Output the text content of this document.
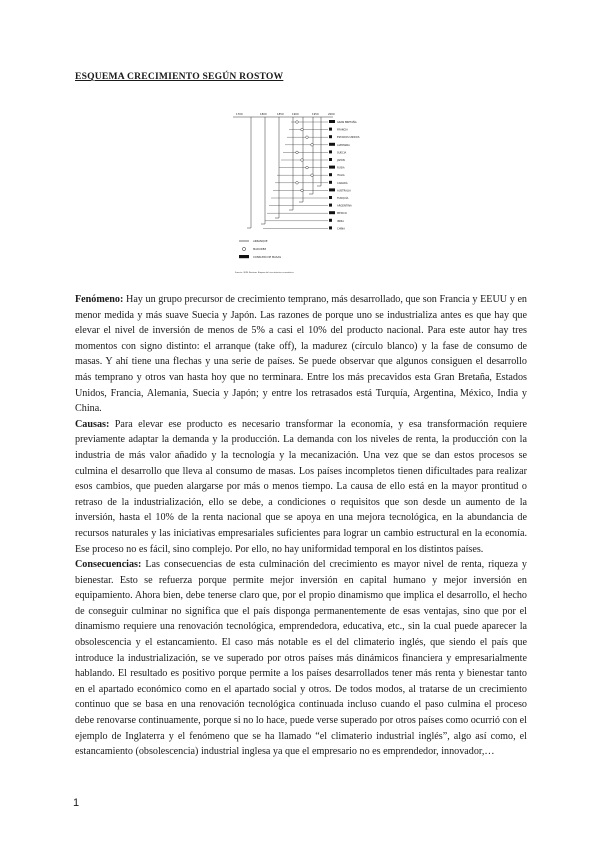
ESQUEMA CRECIMIENTO SEGÚN ROSTOW
1700	1800	1850	1900	1950	2000
GRAN BRETAÑA
FRANCIA
ESTADOS UNIDOS
ALEMANIA
SUECIA
JAPÓN
RUSIA
ITALIA
CANADÁ
AUSTRALIA
TURQUÍA
ARGENTINA
MÉXICO
INDIA
CHINA
ARRANQUE
MADUREZ
CONSUMO DE MASAS
Fuente: W.W. Rostow, Etapas del crecimiento económico

Fenómeno: Hay un grupo precursor de crecimiento temprano, más desarrollado, que son Francia y EEUU y en menor medida y más suave Suecia y Japón. Las razones de porque uno se industrializa antes es que hay que elevar el nivel de inversión de menos de 5% a casi el 10% del producto nacional. Para este autor hay tres momentos con signo distinto: el arranque (take off), la madurez (círculo blanco) y la fase de consumo de masas. Y ahí tiene una flechas y una serie de países. Se puede observar que algunos consiguen el desarrollo más temprano y otros van hasta hoy que no terminara. Entre los más precavidos esta Gran Bretaña, Estados Unidos, Francia, Alemania, Suecia y Japón; y entre los retrasados está Turquía, Argentina, México, India y China.

Causas: Para elevar ese producto es necesario transformar la economía, y esa transformación requiere previamente adaptar la demanda y la producción. La demanda con los niveles de renta, la producción con la industria de más valor añadido y la tecnología y la mecanización. Una vez que se dan estos procesos se culmina el desarrollo que lleva al consumo de masas. Los países incompletos tienen dificultades para realizar esos cambios, que pueden alargarse por más o menos tiempo. La causa de ello está en la mayor prontitud o retraso de la industrialización, ello se debe, a condiciones o requisitos que son desde un aumento de la inversión, hasta el 10% de la renta nacional que se apoya en una mejora tecnológica, en la abundancia de recursos naturales y las iniciativas empresariales suficientes para lograr un cambio estructural en la economía. Ese proceso no es fácil, sino complejo. Por ello, no hay uniformidad temporal en los distintos países.

Consecuencias: Las consecuencias de esta culminación del crecimiento es mayor nivel de renta, riqueza y bienestar. Esto se refuerza porque permite mejor inversión en capital humano y mejor inversión en equipamiento. Ahora bien, debe tenerse claro que, por el propio dinamismo que implica el desarrollo, el hecho de conseguir culminar no significa que el país disponga permanentemente de esas ventajas, sino que por el dinamismo requiere una renovación tecnológica, emprendedora, educativa, etc., sin la cual puede aparecer la obsolescencia y el estancamiento. El caso más notable es el del climaterio inglés, que siendo el país que introduce la industrialización, se ve superado por otros países más dinámicos financiera y empresarialmente hablando. El resultado es positivo porque permite a los países desarrollados tener más renta y bienestar tanto en el apartado económico como en el apartado social y otros. De todos modos, al tratarse de un crecimiento continuo que se basa en una renovación tecnológica continuada incluso cuando el paso culmina el proceso debe renovarse continuamente, porque si no lo hace, puede verse superado por otros países como ocurrió con el ejemplo de Inglaterra y el fenómeno que se ha llamado “el climaterio industrial inglés”, algo así como, el estancamiento (obsolescencia) industrial inglesa ya que el empresario no es emprendedor, innovador,…

1
